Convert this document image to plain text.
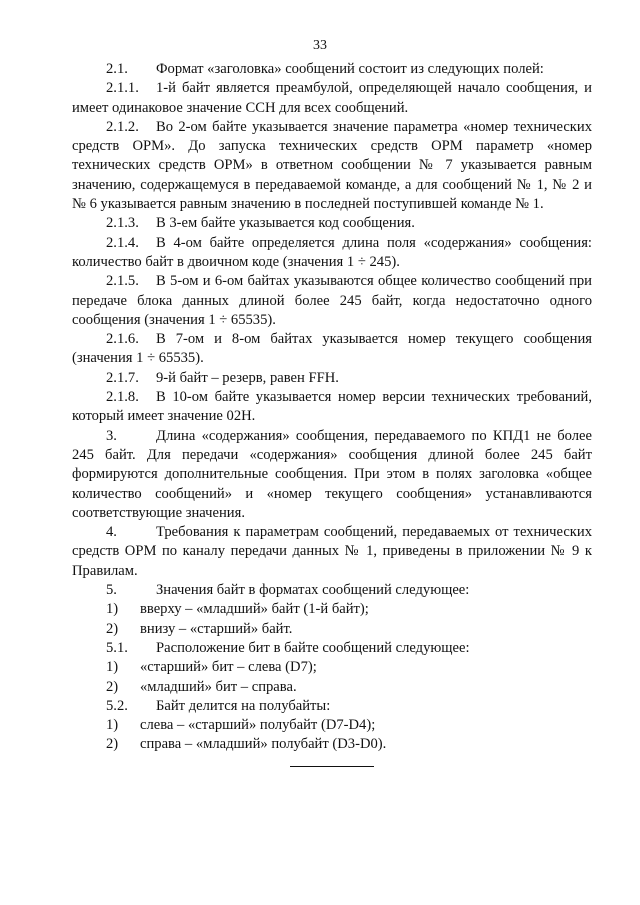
33

2.1. Формат «заголовка» сообщений состоит из следующих полей:

2.1.1. 1-й байт является преамбулой, определяющей начало сообщения, и имеет одинаковое значение ССН для всех сообщений.

2.1.2. Во 2-ом байте указывается значение параметра «номер технических средств ОРМ». До запуска технических средств ОРМ параметр «номер технических средств ОРМ» в ответном сообщении № 7 указывается равным значению, содержащемуся в передаваемой команде, а для сообщений № 1, № 2 и № 6 указывается равным значению в последней поступившей команде № 1.

2.1.3. В 3-ем байте указывается код сообщения.

2.1.4. В 4-ом байте определяется длина поля «содержания» сообщения: количество байт в двоичном коде (значения 1 ÷ 245).

2.1.5. В 5-ом и 6-ом байтах указываются общее количество сообщений при передаче блока данных длиной более 245 байт, когда недостаточно одного сообщения (значения 1 ÷ 65535).

2.1.6. В 7-ом и 8-ом байтах указывается номер текущего сообщения (значения 1 ÷ 65535).

2.1.7. 9-й байт – резерв, равен FFH.

2.1.8. В 10-ом байте указывается номер версии технических требований, который имеет значение 02Н.

3.	Длина «содержания» сообщения, передаваемого по КПД1 не более 245 байт. Для передачи «содержания» сообщения длиной более 245 байт формируются дополнительные сообщения. При этом в полях заголовка «общее количество сообщений» и «номер текущего сообщения» устанавливаются соответствующие значения.

4.	Требования к параметрам сообщений, передаваемых от технических средств ОРМ по каналу передачи данных № 1, приведены в приложении № 9 к Правилам.

5.	Значения байт в форматах сообщений следующее:

1) вверху – «младший» байт (1-й байт);

2) внизу – «старший» байт.

5.1. Расположение бит в байте сообщений следующее:

1) «старший» бит – слева (D7);

2) «младший» бит – справа.

5.2. Байт делится на полубайты:

1) слева – «старший» полубайт (D7-D4);

2) справа – «младший» полубайт (D3-D0).
